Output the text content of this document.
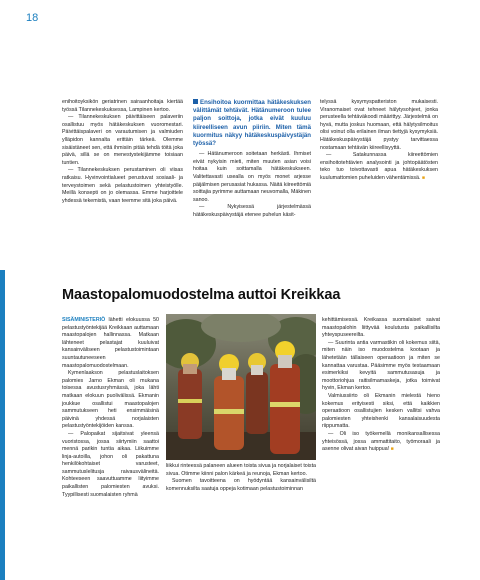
18

enihoitoyksikön geriatrinen sairaanhoitaja kiertää työssä Tilannekeskuksessa, Lampinen kertoo.

— Tilannekeskuksen päivittäiseen palaveriin osallistuu myös hätäkeskuksen vuoromestari. Päivittäispalaveri on varautumisen ja valmiuden ylläpidon kannalta erittäin tärkeä. Olemme sisäistäneet sen, että ihmisiin pitää tehdä töitä joka päivä, sillä se on menestystekijämme toisiaan tuntien.

— Tilannekeskuksen perustaminen oli viisas ratkaisu. Hyvinvointialueet perustuvat sosiaali- ja terveystoimen sekä pelastustoimen yhteistyölle. Meillä konsepti on jo olemassa. Emme harjoittele yhdessä tekemistä, vaan teemme sitä joka päivä.

Ensihoitoa kuormittaa hätäkeskuksen välittämät tehtävät. Hätänumeroon tulee paljon soittoja, jotka eivät kuuluu kiireelliseen avun piiriin. Miten tämä kuormitus näkyy hätäkeskuspäivystäjän työssä?

— Hätänumeroon soitetaan herkästi. Ihmiset eivät nykyisin mieti, miten muuten asian voisi hoitaa kuin soittamalla hätäkeskukseen. Valitettavasti usealla on myös monet arjesse päijälmisen perusasiat hukassa. Näitä kiireettömiä soittajia pyrimme auttamaan neuvomalla, Mäkinen sanoo.

— Nykyisessä järjestelmässä hätäkeskuspäivystäjä etenee puhelun käsit-

telyssä kysymyspatteriston mukaisesti. Viranomaiset ovat tehneet hälytysohjeet, jonka perusteella tehtäväkoodi määrittyy. Järjestelmä on hyvä, mutta joskus huomaan, että hälytysilmoitus olisi voinut olla erilainen ilman tiettyjä kysymyksiä. Hätäkeskuspäivystäjä pystyy tarvittaessa nostamaan tehtävän kiireellisyyttä.

— Satakunnassa kiireettömien ensihoitotehtävien analysointi ja johtopäätösten teko tuo toivottavasti apua hätäkeskuksen kuulumattomien puheluiden vähentämissä. ■

Maastopalomuodostelma auttoi Kreikkaa

SISÄMINISTERIÖ lähetti elokuussa 50 pelastustyöntekijää Kreikkaan auttamaan maastopalojen hallinnassa. Matkaan lähteneet pelastajat kuuluivat kansainväliseen pelastustoimintaan suuntautuneeseen maastopalomuodostelmaan.

Kymenlaakson pelastuslaitoksen palomies Jarno Ekman oli mukana toisessa avustusryhmässä, joka lähti matkaan elokuun puolivälissä. Ekmanin joukkue osallistui maastopalojen sammutukseen heti ensimmäisinä päivinä yhdessä norjalaisten pelastustyöntekijöiden kanssa.

— Palopaikat sijaitsivat yleensä vuoristossa, jossa siirtymiin saattoi mennä parikin tuntia aikaa. Liikuimme linja-autoilla, johon oli pakattuna henkilökohtaiset varusteet, sammutuslelitusja raivausvälineitä. Kohteeseen saavuttuamme liityimme paikallisten palomiesten avuksi. Tyypillisesti suomalaisten ryhmä

liikkui rinteessä palaneen alueen toista sivua ja norjalaiset toista sivua. Otimme kiinni palon kärkeä ja reunoja, Ekman kertoo.

Suomen tavoitteena on hyödyntää kansainvälisiltä komennuksilta saatuja oppeja kotimaan pelastustoiminnan

kehittämisessä. Kreikassa suomalaiset saivat maastopalohin liittyvää koulutusta paikallisilta yhteyspuseereilta.

— Suurinta antia varmastikin oli kokemus siitä, miten näin iso muodostelma kootaan ja lähetetään tällaiseen operaatioon ja miten se kannattaa varustaa. Pääsimme myös testaamaan esimerkiksi kevyitä sammutusasuja ja moottoriohjua raitisilmamaskeja, jotka toimivat hyvin, Ekman kertoo.

Valmiussiirto oli Ekmanin mielestä hieno kokemus erityisesti siksi, että kaikkien operaatioon osallistujien kesken vallitsi vahva palomiesten yhteishenki kansalaisuudesta riippumatta.

— Oli iso työkemellä monikansallisessa yhteisössä, jossa ammattitaito, työmoraali ja asenne olivat aivan huippua! ■
